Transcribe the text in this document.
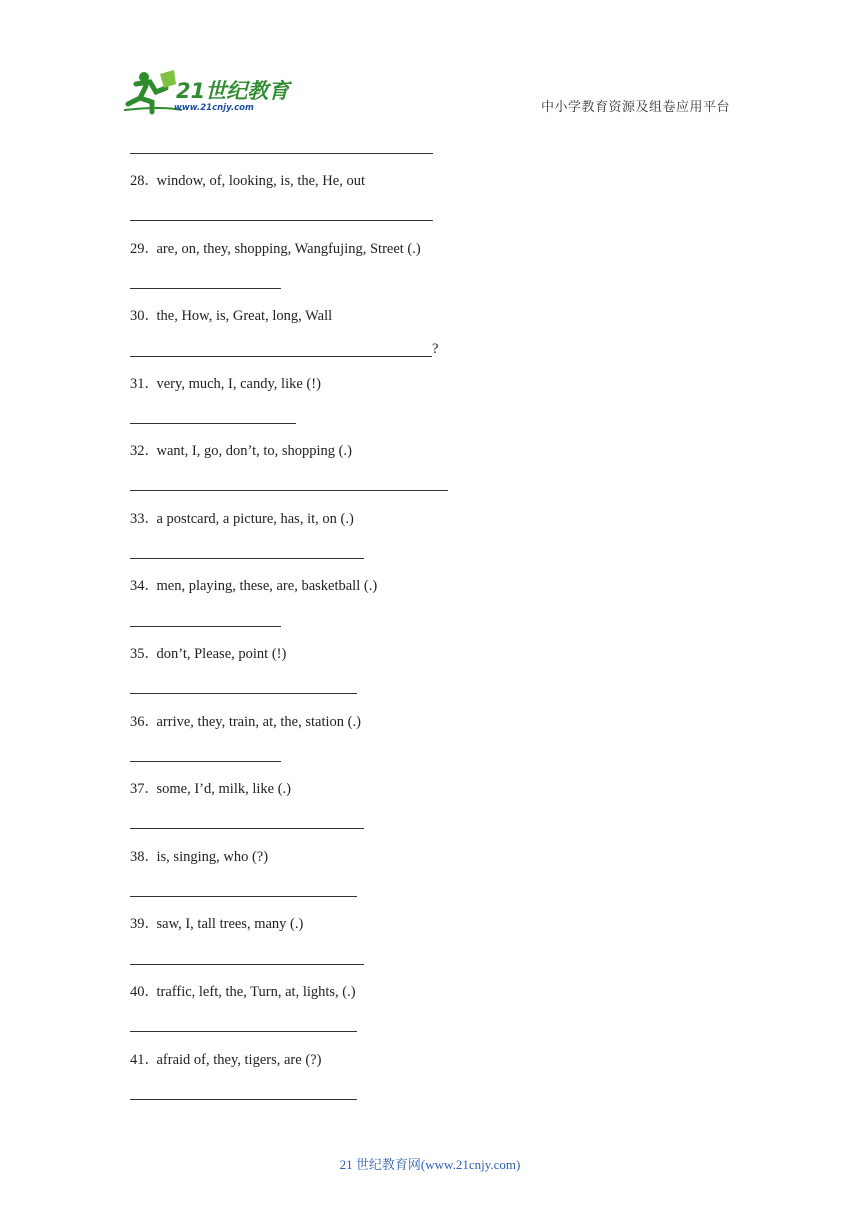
21世纪教育
www.21cnjy.com	中小学教育资源及组卷应用平台
28．window, of, looking, is, the, He, out
29．are, on, they, shopping, Wangfujing, Street (.)
30．the, How, is, Great, long, Wall
?
31．very, much, I, candy, like (!)
32．want, I, go, don’t, to, shopping (.)
33．a postcard, a picture, has, it, on (.)
34．men, playing, these, are, basketball (.)
35．don’t, Please, point (!)
36．arrive, they, train, at, the, station (.)
37．some, I’d, milk, like (.)
38．is, singing, who (?)
39．saw, I, tall trees, many (.)
40．traffic, left, the, Turn, at, lights, (.)
41．afraid of, they, tigers, are (?)
21 世纪教育网(www.21cnjy.com)
